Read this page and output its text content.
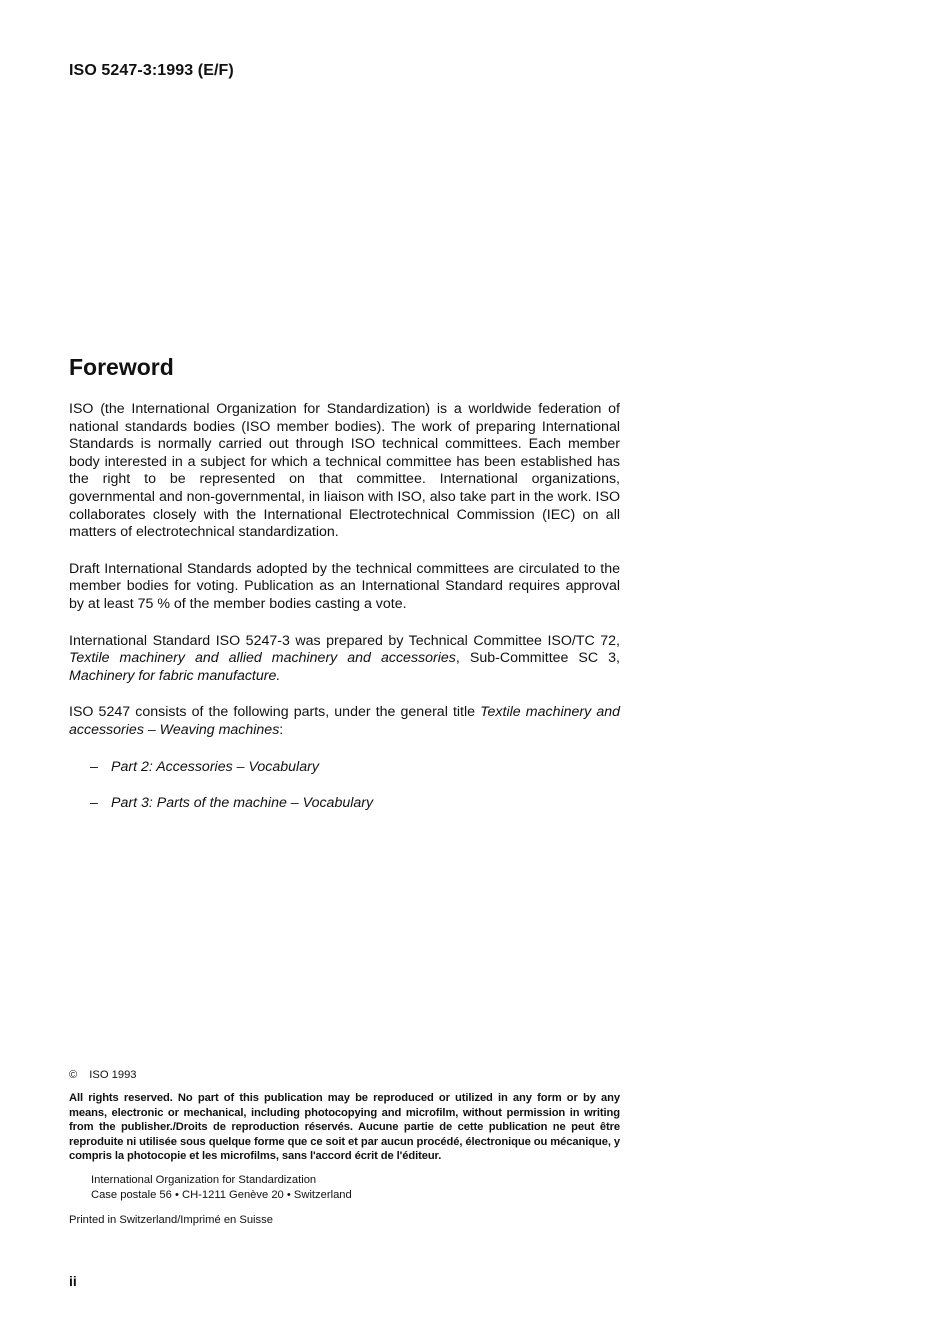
ISO 5247-3:1993 (E/F)
Foreword

ISO (the International Organization for Standardization) is a worldwide federation of national standards bodies (ISO member bodies). The work of preparing International Standards is normally carried out through ISO technical committees. Each member body interested in a subject for which a technical committee has been established has the right to be represented on that committee. International organizations, governmental and non-governmental, in liaison with ISO, also take part in the work. ISO collaborates closely with the International Electrotechnical Commission (IEC) on all matters of electrotechnical standardization.

Draft International Standards adopted by the technical committees are circulated to the member bodies for voting. Publication as an International Standard requires approval by at least 75 % of the member bodies casting a vote.

International Standard ISO 5247-3 was prepared by Technical Committee ISO/TC 72, Textile machinery and allied machinery and accessories, Sub-Committee SC 3, Machinery for fabric manufacture.

ISO 5247 consists of the following parts, under the general title Textile machinery and accessories – Weaving machines:

– Part 2: Accessories – Vocabulary
– Part 3: Parts of the machine – Vocabulary

© ISO 1993

All rights reserved. No part of this publication may be reproduced or utilized in any form or by any means, electronic or mechanical, including photocopying and microfilm, without permission in writing from the publisher./Droits de reproduction réservés. Aucune partie de cette publication ne peut être reproduite ni utilisée sous quelque forme que ce soit et par aucun procédé, électronique ou mécanique, y compris la photocopie et les microfilms, sans l'accord écrit de l'éditeur.

International Organization for Standardization
Case postale 56 • CH-1211 Genève 20 • Switzerland

Printed in Switzerland/Imprimé en Suisse

ii
